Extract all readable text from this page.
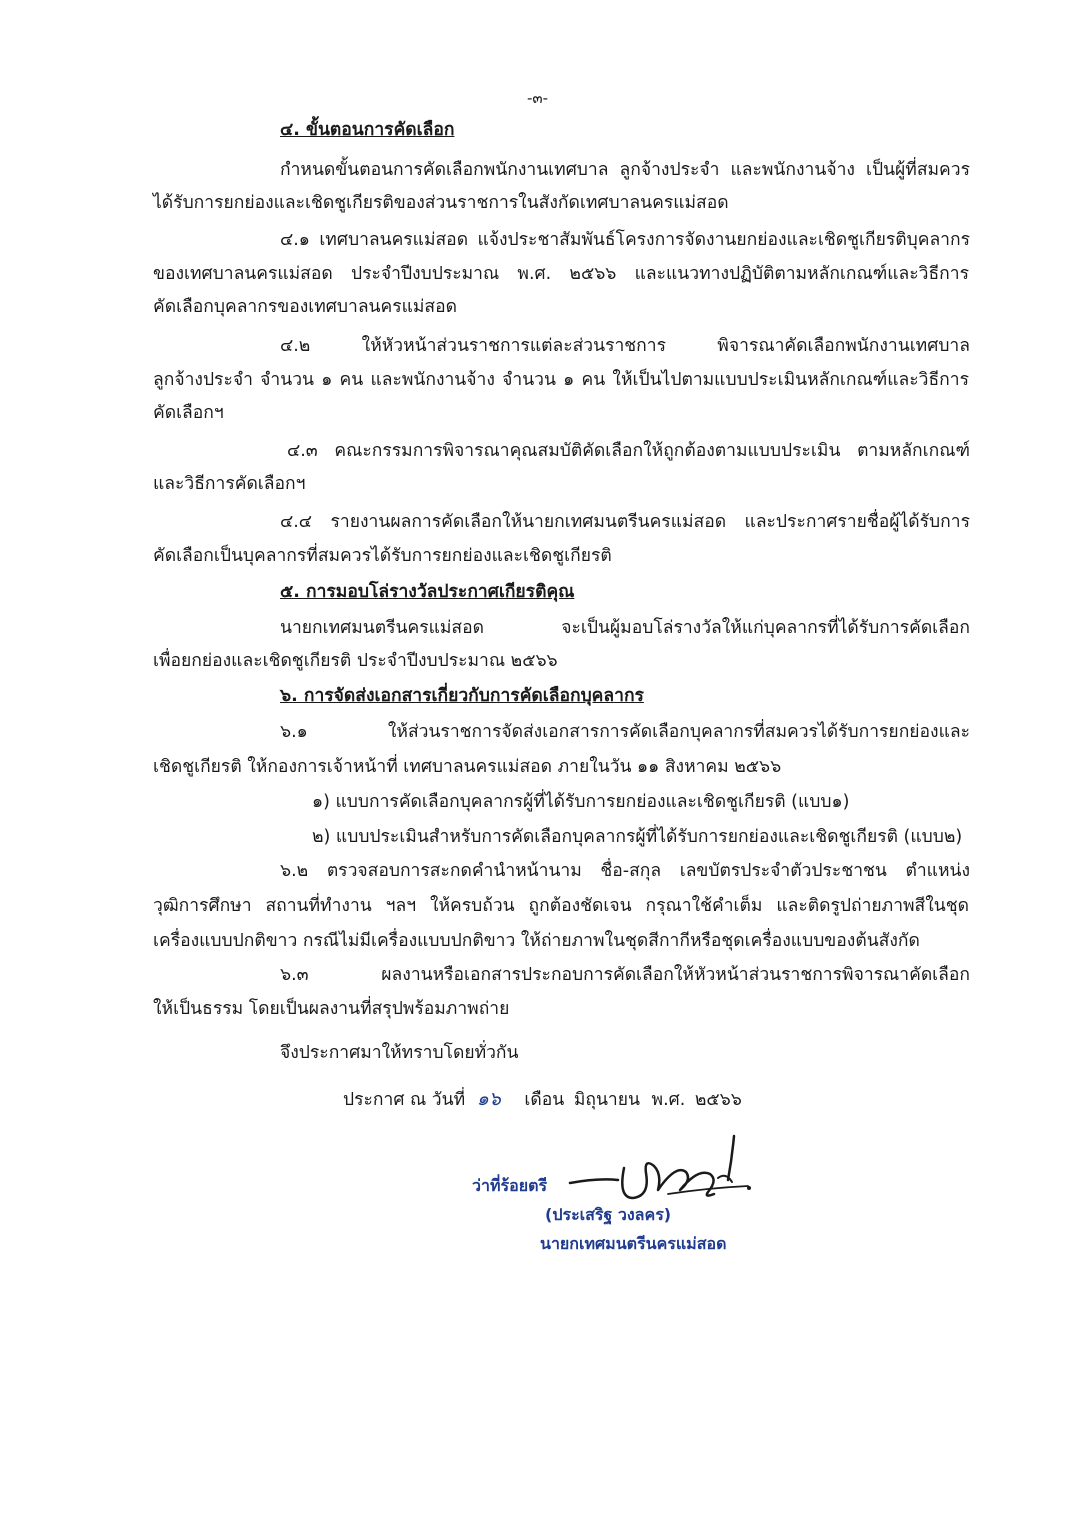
-๓-
๔. ขั้นตอนการคัดเลือก
กำหนดขั้นตอนการคัดเลือกพนักงานเทศบาล ลูกจ้างประจำ และพนักงานจ้าง เป็นผู้ที่สมควร
ได้รับการยกย่องและเชิดชูเกียรติของส่วนราชการในสังกัดเทศบาลนครแม่สอด
๔.๑ เทศบาลนครแม่สอด แจ้งประชาสัมพันธ์โครงการจัดงานยกย่องและเชิดชูเกียรติบุคลากร
ของเทศบาลนครแม่สอด ประจำปีงบประมาณ พ.ศ. ๒๕๖๖ และแนวทางปฏิบัติตามหลักเกณฑ์และวิธีการ
คัดเลือกบุคลากรของเทศบาลนครแม่สอด
๔.๒ ให้หัวหน้าส่วนราชการแต่ละส่วนราชการ พิจารณาคัดเลือกพนักงานเทศบาล
ลูกจ้างประจำ จำนวน ๑ คน และพนักงานจ้าง จำนวน ๑ คน ให้เป็นไปตามแบบประเมินหลักเกณฑ์และวิธีการ
คัดเลือกฯ
๔.๓ คณะกรรมการพิจารณาคุณสมบัติคัดเลือกให้ถูกต้องตามแบบประเมิน ตามหลักเกณฑ์
และวิธีการคัดเลือกฯ
๔.๔ รายงานผลการคัดเลือกให้นายกเทศมนตรีนครแม่สอด และประกาศรายชื่อผู้ได้รับการ
คัดเลือกเป็นบุคลากรที่สมควรได้รับการยกย่องและเชิดชูเกียรติ
๕. การมอบโล่รางวัลประกาศเกียรติคุณ
นายกเทศมนตรีนครแม่สอด จะเป็นผู้มอบโล่รางวัลให้แก่บุคลากรที่ได้รับการคัดเลือก
เพื่อยกย่องและเชิดชูเกียรติ ประจำปีงบประมาณ ๒๕๖๖
๖. การจัดส่งเอกสารเกี่ยวกับการคัดเลือกบุคลากร
๖.๑ ให้ส่วนราชการจัดส่งเอกสารการคัดเลือกบุคลากรที่สมควรได้รับการยกย่องและ
เชิดชูเกียรติ ให้กองการเจ้าหน้าที่ เทศบาลนครแม่สอด ภายในวัน ๑๑ สิงหาคม ๒๕๖๖
๑) แบบการคัดเลือกบุคลากรผู้ที่ได้รับการยกย่องและเชิดชูเกียรติ (แบบ๑)
๒) แบบประเมินสำหรับการคัดเลือกบุคลากรผู้ที่ได้รับการยกย่องและเชิดชูเกียรติ (แบบ๒)
๖.๒ ตรวจสอบการสะกดคำนำหน้านาม ชื่อ-สกุล เลขบัตรประจำตัวประชาชน ตำแหน่ง
วุฒิการศึกษา สถานที่ทำงาน ฯลฯ ให้ครบถ้วน ถูกต้องชัดเจน กรุณาใช้คำเต็ม และติดรูปถ่ายภาพสีในชุด
เครื่องแบบปกติขาว กรณีไม่มีเครื่องแบบปกติขาว ให้ถ่ายภาพในชุดสีกากีหรือชุดเครื่องแบบของต้นสังกัด
๖.๓ ผลงานหรือเอกสารประกอบการคัดเลือกให้หัวหน้าส่วนราชการพิจารณาคัดเลือก
ให้เป็นธรรม โดยเป็นผลงานที่สรุปพร้อมภาพถ่าย
จึงประกาศมาให้ทราบโดยทั่วกัน
ประกาศ ณ วันที่ ๑๖ เดือน มิถุนายน พ.ศ. ๒๕๖๖
ว่าที่ร้อยตรี
(ประเสริฐ วงลคร)
นายกเทศมนตรีนครแม่สอด
